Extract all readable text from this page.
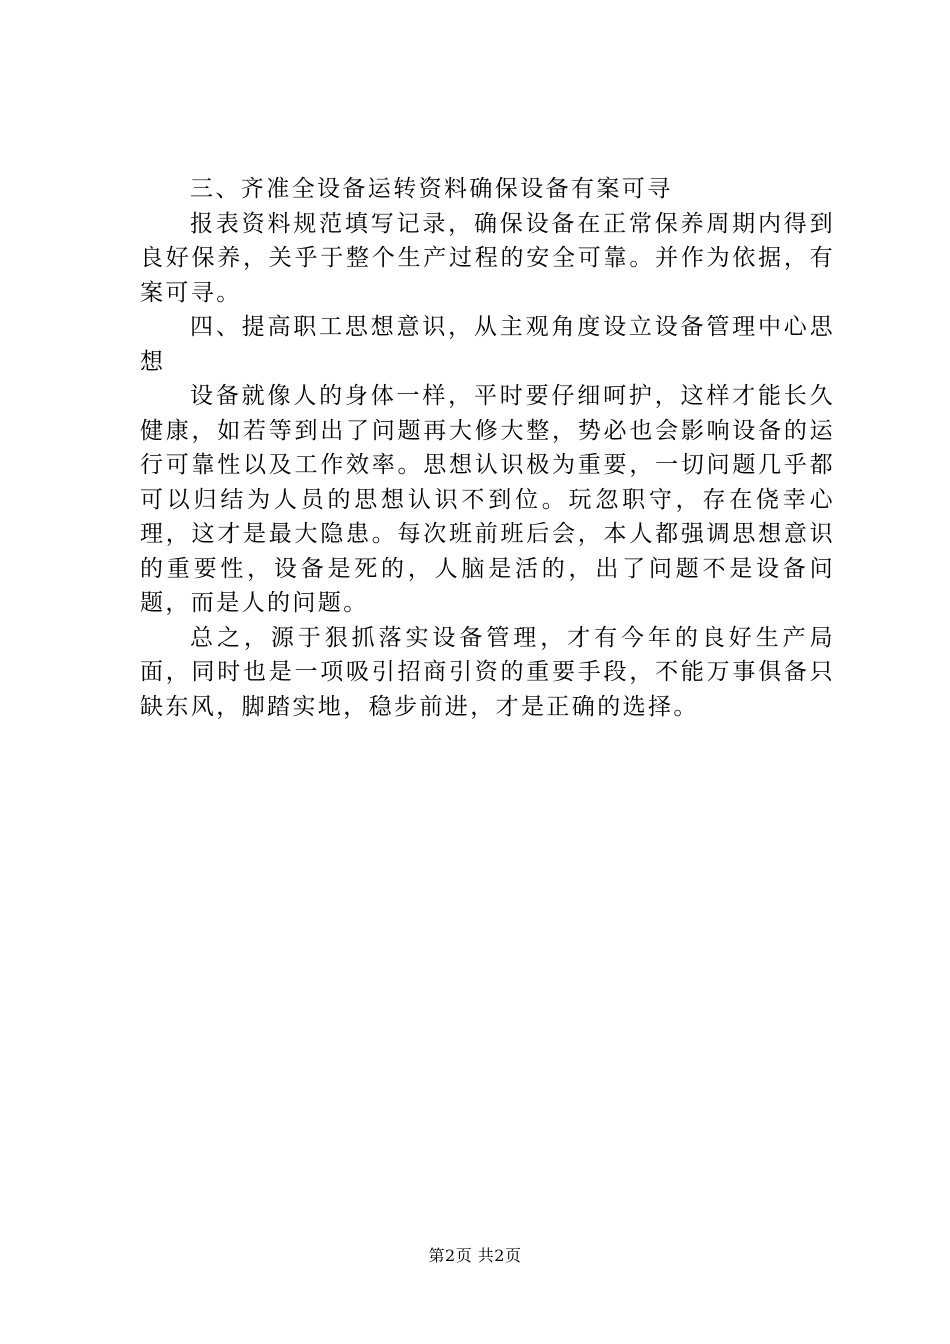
三、齐准全设备运转资料确保设备有案可寻

报表资料规范填写记录，确保设备在正常保养周期内得到良好保养，关乎于整个生产过程的安全可靠。并作为依据，有案可寻。

四、提高职工思想意识，从主观角度设立设备管理中心思想

设备就像人的身体一样，平时要仔细呵护，这样才能长久健康，如若等到出了问题再大修大整，势必也会影响设备的运行可靠性以及工作效率。思想认识极为重要，一切问题几乎都可以归结为人员的思想认识不到位。玩忽职守，存在侥幸心理，这才是最大隐患。每次班前班后会，本人都强调思想意识的重要性，设备是死的，人脑是活的，出了问题不是设备问题，而是人的问题。

总之，源于狠抓落实设备管理，才有今年的良好生产局面，同时也是一项吸引招商引资的重要手段，不能万事俱备只缺东风，脚踏实地，稳步前进，才是正确的选择。

第2页 共2页
